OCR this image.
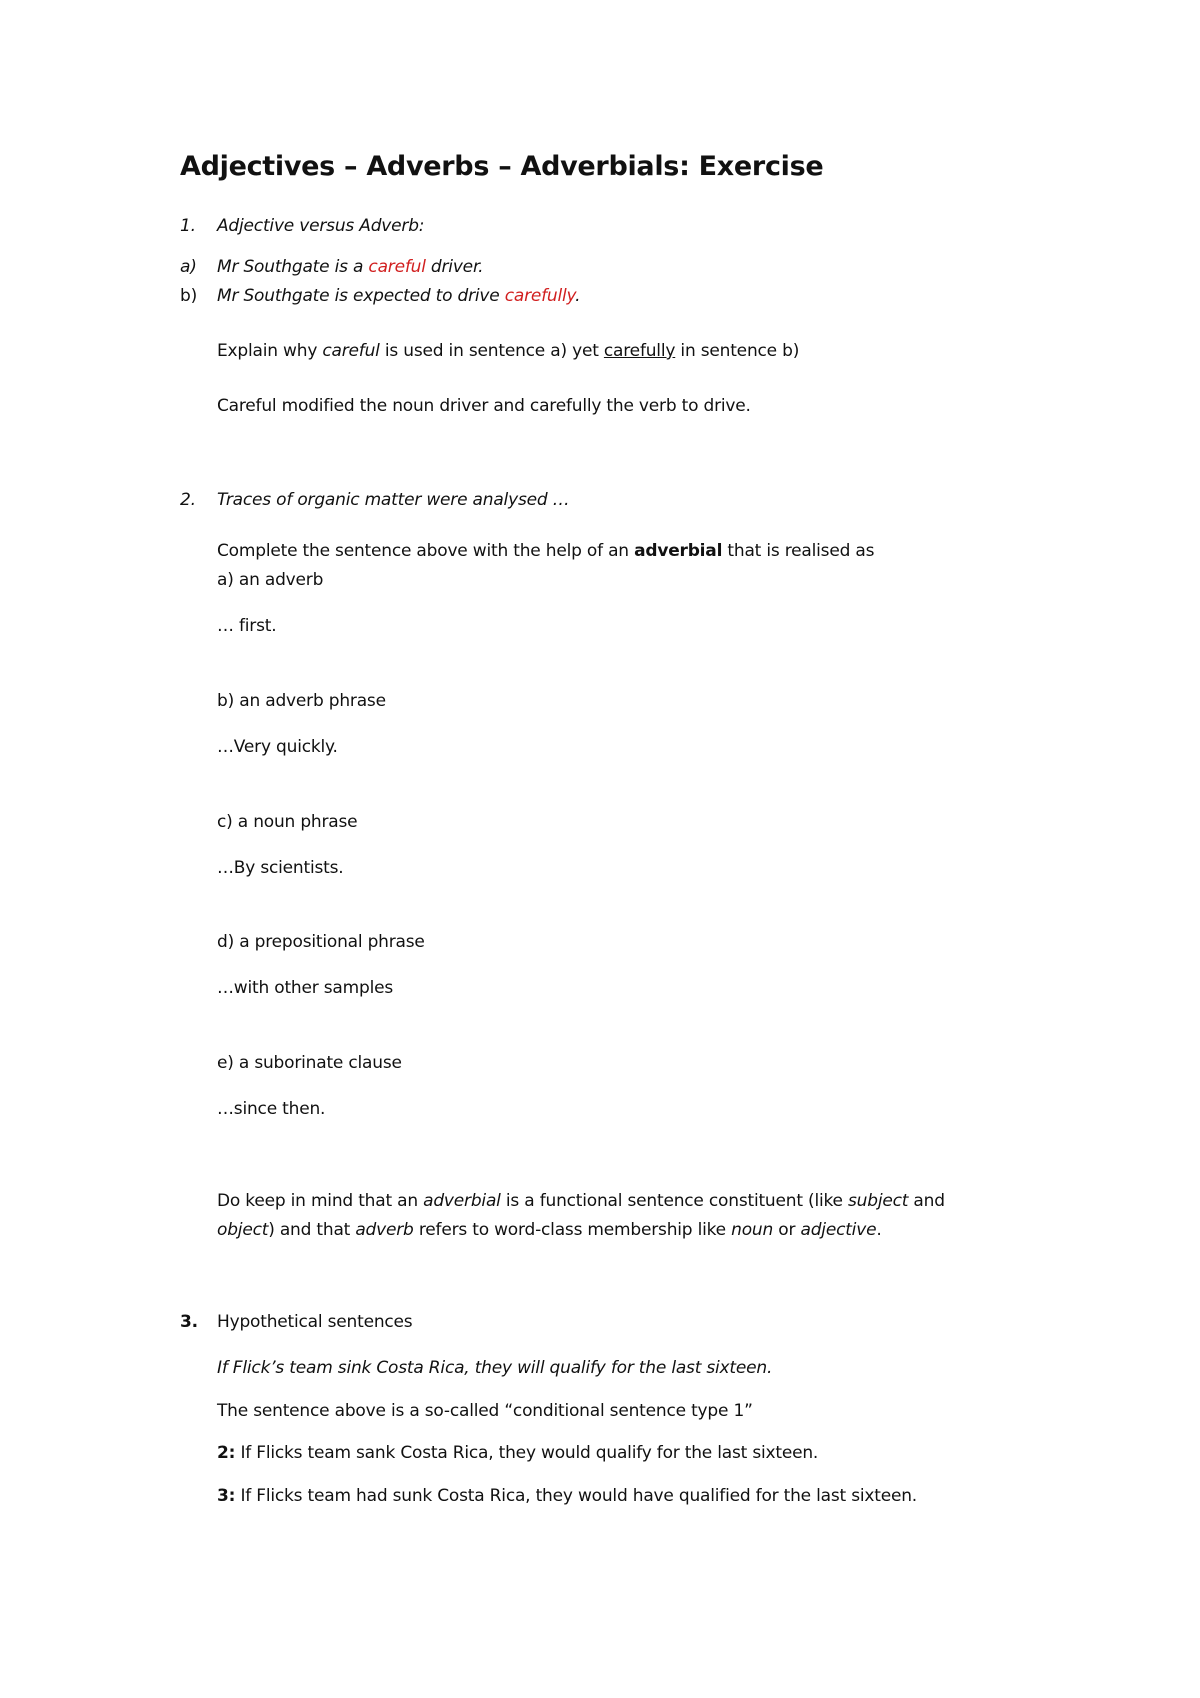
Adjectives – Adverbs – Adverbials: Exercise
1. Adjective versus Adverb:
a) Mr Southgate is a careful driver.
b) Mr Southgate is expected to drive carefully.
Explain why careful is used in sentence a) yet carefully in sentence b)
Careful modified the noun driver and carefully the verb to drive.
2. Traces of organic matter were analysed …
Complete the sentence above with the help of an adverbial that is realised as
a) an adverb
… first.
b) an adverb phrase
…Very quickly.
c) a noun phrase
…By scientists.
d) a prepositional phrase
…with other samples
e) a suborinate clause
…since then.
Do keep in mind that an adverbial is a functional sentence constituent (like subject and
object) and that adverb refers to word-class membership like noun or adjective.
3. Hypothetical sentences
If Flick’s team sink Costa Rica, they will qualify for the last sixteen.
The sentence above is a so-called “conditional sentence type 1”
2: If Flicks team sank Costa Rica, they would qualify for the last sixteen.
3: If Flicks team had sunk Costa Rica, they would have qualified for the last sixteen.
